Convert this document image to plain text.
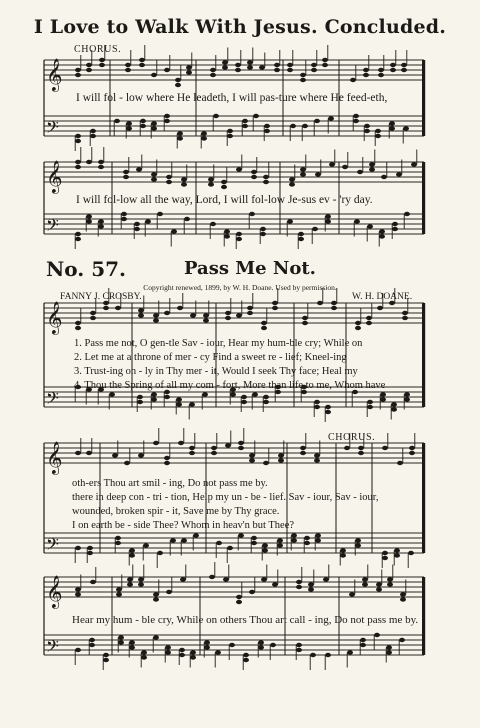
𝄞
𝄢
𝄞
𝄢
𝄞
𝄢
𝄞
𝄢
𝄞
𝄢
I Love to Walk With Jesus. Concluded.
CHORUS.
I will fol - low where He leadeth, I will pas-ture where He feed-eth,
I will fol-low all the way, Lord, I will fol-low Je-sus ev - 'ry day.
No. 57.	Pass Me Not.
Copyright renewed, 1899, by W. H. Doane. Used by permission.
FANNY J. CROSBY.	W. H. DOANE.
1. Pass me not, O gen-tle Sav - iour, Hear my hum-ble cry; While on
2. Let me at a throne of mer - cy Find a sweet re - lief; Kneel-ing
3. Trust-ing on - ly in Thy mer - it, Would I seek Thy face; Heal my
4. Thou the Spring of all my com - fort, More than life to me, Whom have
CHORUS.
oth-ers Thou art smil - ing, Do not pass me by.
there in deep con - tri - tion, Help my un - be - lief. Sav - iour, Sav - iour,
wounded, broken spir - it, Save me by Thy grace.
I on earth be - side Thee? Whom in heav'n but Thee?
Hear my hum - ble cry, While on others Thou art call - ing, Do not pass me by.
